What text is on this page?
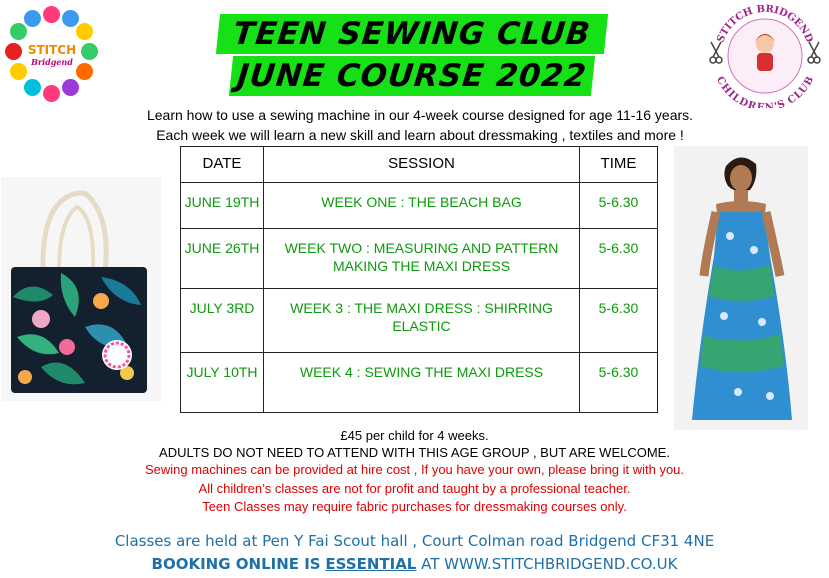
STITCH
Bridgend
TEEN SEWING CLUB
JUNE COURSE 2022
STITCH BRIDGEND
CHILDREN'S CLUB
Learn how to use a sewing machine in our 4-week course designed for age 11-16 years.
Each week we will learn a new skill and learn about dressmaking , textiles and more !
DATE	SESSION	TIME
JUNE 19TH	WEEK ONE : THE BEACH BAG	5-6.30
JUNE 26TH	WEEK TWO : MEASURING AND PATTERN MAKING THE MAXI DRESS	5-6.30
JULY 3RD	WEEK 3 : THE MAXI DRESS : SHIRRING ELASTIC	5-6.30
JULY 10TH	WEEK 4 : SEWING THE MAXI DRESS	5-6.30
£45 per child for 4 weeks.
ADULTS DO NOT NEED TO ATTEND WITH THIS AGE GROUP , BUT ARE WELCOME.
Sewing machines can be provided at hire cost , If you have your own, please bring it with you.
All children’s classes are not for profit and taught by a professional teacher.
Teen Classes may require fabric purchases for dressmaking courses only.
Classes are held at Pen Y Fai Scout hall , Court Colman road Bridgend CF31 4NE
BOOKING ONLINE IS ESSENTIAL AT WWW.STITCHBRIDGEND.CO.UK
